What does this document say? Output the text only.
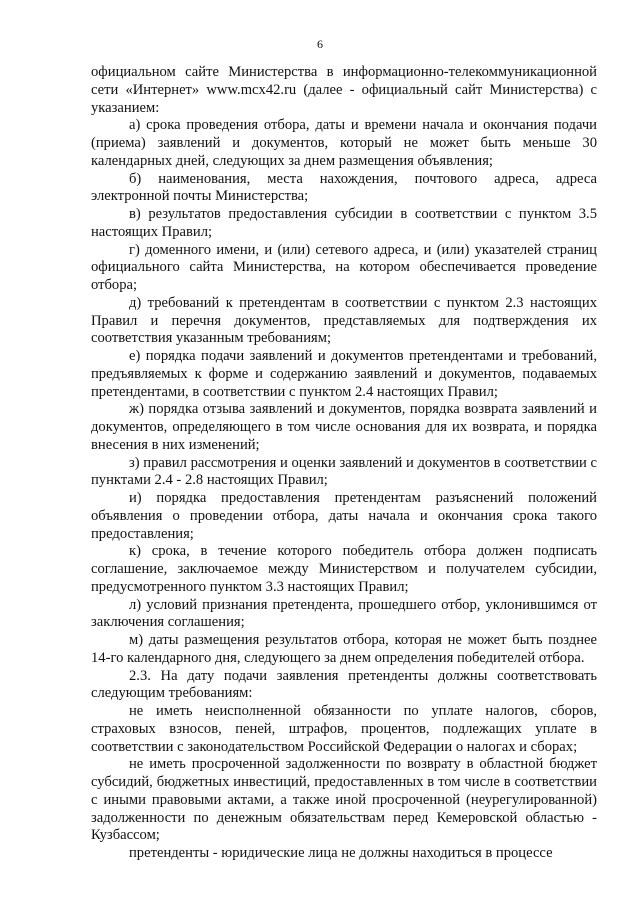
6

официальном сайте Министерства в информационно-телекоммуникационной сети «Интернет» www.mcx42.ru (далее - официальный сайт Министерства) с указанием:

а) срока проведения отбора, даты и времени начала и окончания подачи (приема) заявлений и документов, который не может быть меньше 30 календарных дней, следующих за днем размещения объявления;

б) наименования, места нахождения, почтового адреса, адреса электронной почты Министерства;

в) результатов предоставления субсидии в соответствии с пунктом 3.5 настоящих Правил;

г) доменного имени, и (или) сетевого адреса, и (или) указателей страниц официального сайта Министерства, на котором обеспечивается проведение отбора;

д) требований к претендентам в соответствии с пунктом 2.3 настоящих Правил и перечня документов, представляемых для подтверждения их соответствия указанным требованиям;

е) порядка подачи заявлений и документов претендентами и требований, предъявляемых к форме и содержанию заявлений и документов, подаваемых претендентами, в соответствии с пунктом 2.4 настоящих Правил;

ж) порядка отзыва заявлений и документов, порядка возврата заявлений и документов, определяющего в том числе основания для их возврата, и порядка внесения в них изменений;

з) правил рассмотрения и оценки заявлений и документов в соответствии с пунктами 2.4 - 2.8 настоящих Правил;

и) порядка предоставления претендентам разъяснений положений объявления о проведении отбора, даты начала и окончания срока такого предоставления;

к) срока, в течение которого победитель отбора должен подписать соглашение, заключаемое между Министерством и получателем субсидии, предусмотренного пунктом 3.3 настоящих Правил;

л) условий признания претендента, прошедшего отбор, уклонившимся от заключения соглашения;

м) даты размещения результатов отбора, которая не может быть позднее 14-го календарного дня, следующего за днем определения победителей отбора.

2.3. На дату подачи заявления претенденты должны соответствовать следующим требованиям:

не иметь неисполненной обязанности по уплате налогов, сборов, страховых взносов, пеней, штрафов, процентов, подлежащих уплате в соответствии с законодательством Российской Федерации о налогах и сборах;

не иметь просроченной задолженности по возврату в областной бюджет субсидий, бюджетных инвестиций, предоставленных в том числе в соответствии с иными правовыми актами, а также иной просроченной (неурегулированной) задолженности по денежным обязательствам перед Кемеровской областью - Кузбассом;

претенденты - юридические лица не должны находиться в процессе
